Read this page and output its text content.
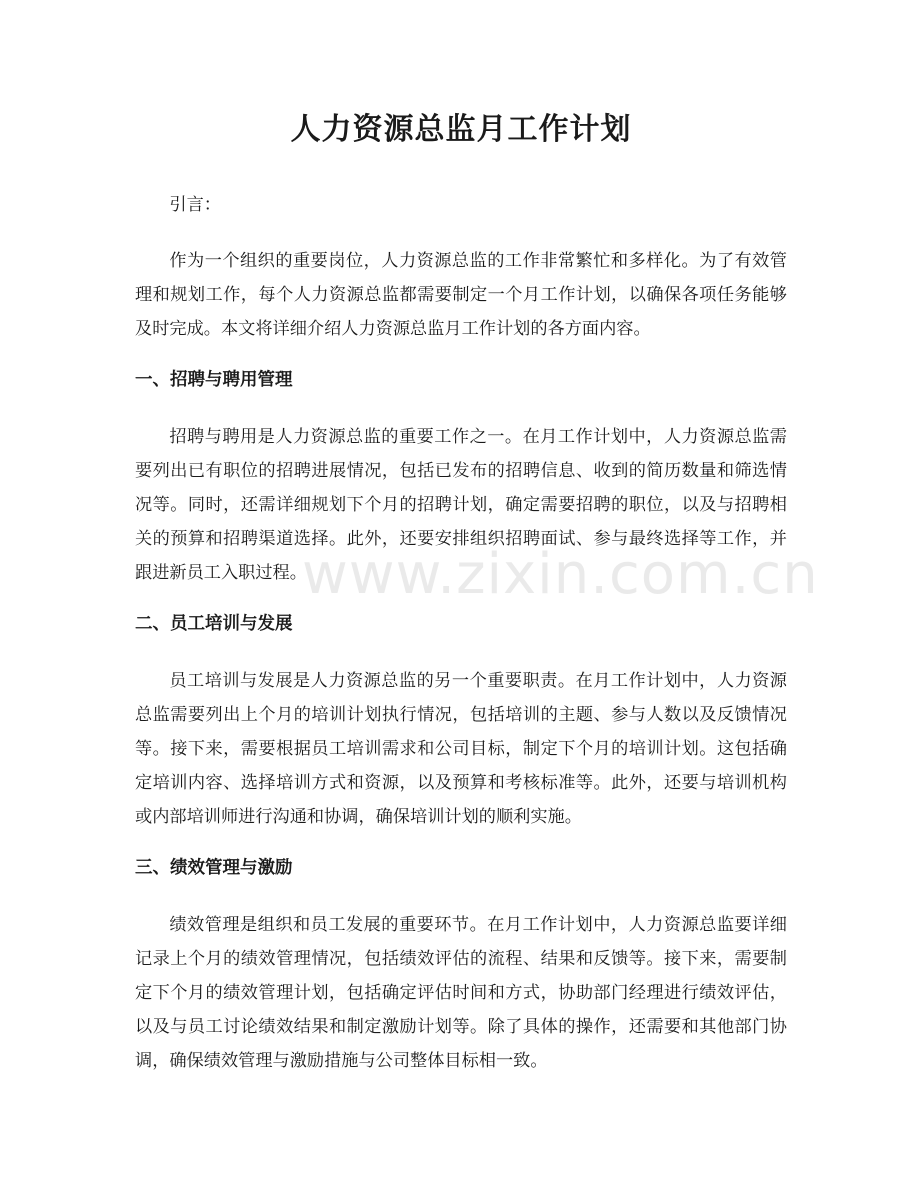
人力资源总监月工作计划

引言：

作为一个组织的重要岗位，人力资源总监的工作非常繁忙和多样化。为了有效管理和规划工作，每个人力资源总监都需要制定一个月工作计划，以确保各项任务能够及时完成。本文将详细介绍人力资源总监月工作计划的各方面内容。

一、招聘与聘用管理

招聘与聘用是人力资源总监的重要工作之一。在月工作计划中，人力资源总监需要列出已有职位的招聘进展情况，包括已发布的招聘信息、收到的简历数量和筛选情况等。同时，还需详细规划下个月的招聘计划，确定需要招聘的职位，以及与招聘相关的预算和招聘渠道选择。此外，还要安排组织招聘面试、参与最终选择等工作，并跟进新员工入职过程。

二、员工培训与发展

员工培训与发展是人力资源总监的另一个重要职责。在月工作计划中，人力资源总监需要列出上个月的培训计划执行情况，包括培训的主题、参与人数以及反馈情况等。接下来，需要根据员工培训需求和公司目标，制定下个月的培训计划。这包括确定培训内容、选择培训方式和资源，以及预算和考核标准等。此外，还要与培训机构或内部培训师进行沟通和协调，确保培训计划的顺利实施。

三、绩效管理与激励

绩效管理是组织和员工发展的重要环节。在月工作计划中，人力资源总监要详细记录上个月的绩效管理情况，包括绩效评估的流程、结果和反馈等。接下来，需要制定下个月的绩效管理计划，包括确定评估时间和方式，协助部门经理进行绩效评估，以及与员工讨论绩效结果和制定激励计划等。除了具体的操作，还需要和其他部门协调，确保绩效管理与激励措施与公司整体目标相一致。

www.zixin.com.cn
